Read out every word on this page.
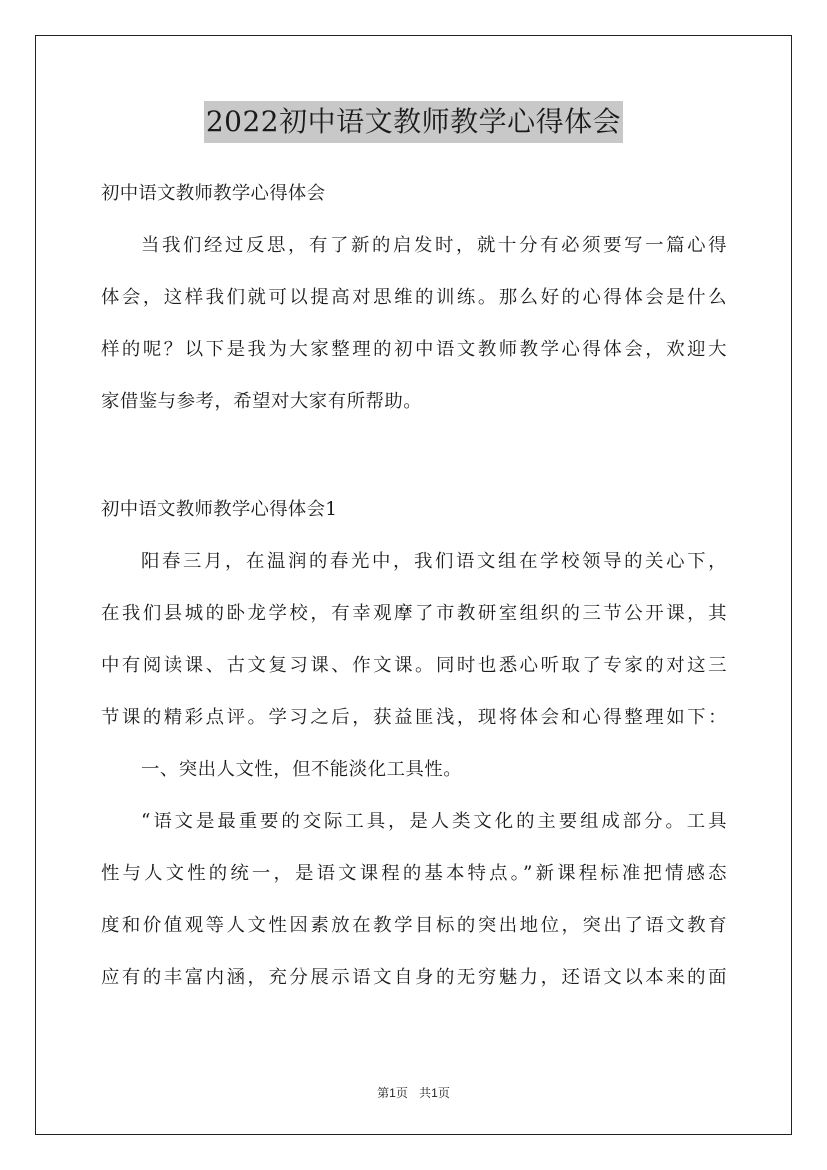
2022初中语文教师教学心得体会
初中语文教师教学心得体会
当我们经过反思，有了新的启发时，就十分有必须要写一篇心得
体会，这样我们就可以提高对思维的训练。那么好的心得体会是什么
样的呢？以下是我为大家整理的初中语文教师教学心得体会，欢迎大
家借鉴与参考，希望对大家有所帮助。
初中语文教师教学心得体会1
阳春三月，在温润的春光中，我们语文组在学校领导的关心下，
在我们县城的卧龙学校，有幸观摩了市教研室组织的三节公开课，其
中有阅读课、古文复习课、作文课。同时也悉心听取了专家的对这三
节课的精彩点评。学习之后，获益匪浅，现将体会和心得整理如下：
一、突出人文性，但不能淡化工具性。
“语文是最重要的交际工具，是人类文化的主要组成部分。工具
性与人文性的统一，是语文课程的基本特点。”新课程标准把情感态
度和价值观等人文性因素放在教学目标的突出地位，突出了语文教育
应有的丰富内涵，充分展示语文自身的无穷魅力，还语文以本来的面
第1页 共1页
